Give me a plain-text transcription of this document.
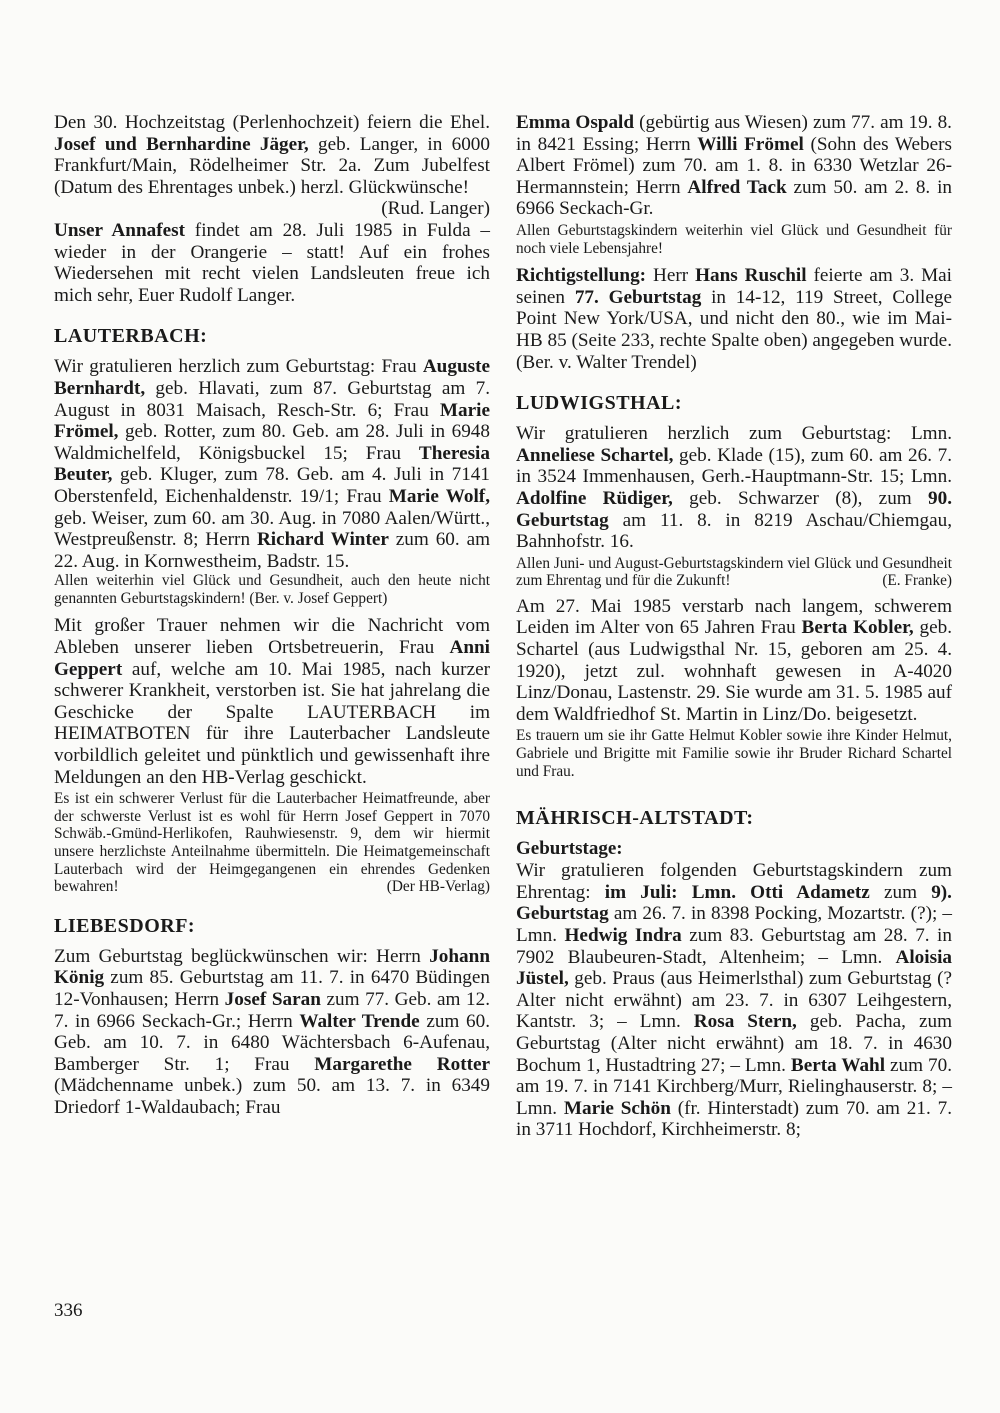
Den 30. Hochzeitstag (Perlenhochzeit) feiern die Ehel. Josef und Bernhardine Jäger, geb. Langer, in 6000 Frankfurt/Main, Rödelheimer Str. 2a. Zum Jubelfest (Datum des Ehrentages unbek.) herzl. Glückwünsche!

(Rud. Langer)

Unser Annafest findet am 28. Juli 1985 in Fulda – wieder in der Orangerie – statt! Auf ein frohes Wiedersehen mit recht vielen Landsleuten freue ich mich sehr, Euer Rudolf Langer.

LAUTERBACH:

Wir gratulieren herzlich zum Geburtstag: Frau Auguste Bernhardt, geb. Hlavati, zum 87. Geburtstag am 7. August in 8031 Maisach, Resch-Str. 6; Frau Marie Frömel, geb. Rotter, zum 80. Geb. am 28. Juli in 6948 Waldmichelfeld, Königsbuckel 15; Frau Theresia Beuter, geb. Kluger, zum 78. Geb. am 4. Juli in 7141 Oberstenfeld, Eichenhaldenstr. 19/1; Frau Marie Wolf, geb. Weiser, zum 60. am 30. Aug. in 7080 Aalen/Württ., Westpreußenstr. 8; Herrn Richard Winter zum 60. am 22. Aug. in Kornwestheim, Badstr. 15.

Allen weiterhin viel Glück und Gesundheit, auch den heute nicht genannten Geburtstagskindern! (Ber. v. Josef Geppert)

Mit großer Trauer nehmen wir die Nachricht vom Ableben unserer lieben Ortsbetreuerin, Frau Anni Geppert auf, welche am 10. Mai 1985, nach kurzer schwerer Krankheit, verstorben ist. Sie hat jahrelang die Geschicke der Spalte LAUTERBACH im HEIMATBOTEN für ihre Lauterbacher Landsleute vorbildlich geleitet und pünktlich und gewissenhaft ihre Meldungen an den HB-Verlag geschickt.

Es ist ein schwerer Verlust für die Lauterbacher Heimatfreunde, aber der schwerste Verlust ist es wohl für Herrn Josef Geppert in 7070 Schwäb.-Gmünd-Herlikofen, Rauhwiesenstr. 9, dem wir hiermit unsere herzlichste Anteilnahme übermitteln. Die Heimatgemeinschaft Lauterbach wird der Heimgegangenen ein ehrendes Gedenken bewahren!	(Der HB-Verlag)

LIEBESDORF:

Zum Geburtstag beglückwünschen wir: Herrn Johann König zum 85. Geburtstag am 11. 7. in 6470 Büdingen 12-Vonhausen; Herrn Josef Saran zum 77. Geb. am 12. 7. in 6966 Seckach-Gr.; Herrn Walter Trende zum 60. Geb. am 10. 7. in 6480 Wächtersbach 6-Aufenau, Bamberger Str. 1; Frau Margarethe Rotter (Mädchenname unbek.) zum 50. am 13. 7. in 6349 Driedorf 1-Waldaubach; Frau

Emma Ospald (gebürtig aus Wiesen) zum 77. am 19. 8. in 8421 Essing; Herrn Willi Frömel (Sohn des Webers Albert Frömel) zum 70. am 1. 8. in 6330 Wetzlar 26-Hermannstein; Herrn Alfred Tack zum 50. am 2. 8. in 6966 Seckach-Gr.

Allen Geburtstagskindern weiterhin viel Glück und Gesundheit für noch viele Lebensjahre!

Richtigstellung: Herr Hans Ruschil feierte am 3. Mai seinen 77. Geburtstag in 14-12, 119 Street, College Point New York/USA, und nicht den 80., wie im Mai-HB 85 (Seite 233, rechte Spalte oben) angegeben wurde. (Ber. v. Walter Trendel)

LUDWIGSTHAL:

Wir gratulieren herzlich zum Geburtstag: Lmn. Anneliese Schartel, geb. Klade (15), zum 60. am 26. 7. in 3524 Immenhausen, Gerh.-Hauptmann-Str. 15; Lmn. Adolfine Rüdiger, geb. Schwarzer (8), zum 90. Geburtstag am 11. 8. in 8219 Aschau/Chiemgau, Bahnhofstr. 16.

Allen Juni- und August-Geburtstagskindern viel Glück und Gesundheit zum Ehrentag und für die Zukunft!	(E. Franke)

Am 27. Mai 1985 verstarb nach langem, schwerem Leiden im Alter von 65 Jahren Frau Berta Kobler, geb. Schartel (aus Ludwigsthal Nr. 15, geboren am 25. 4. 1920), jetzt zul. wohnhaft gewesen in A-4020 Linz/Donau, Lastenstr. 29. Sie wurde am 31. 5. 1985 auf dem Waldfriedhof St. Martin in Linz/Do. beigesetzt.

Es trauern um sie ihr Gatte Helmut Kobler sowie ihre Kinder Helmut, Gabriele und Brigitte mit Familie sowie ihr Bruder Richard Schartel und Frau.

MÄHRISCH-ALTSTADT:

Geburtstage:

Wir gratulieren folgenden Geburtstagskindern zum Ehrentag: im Juli: Lmn. Otti Adametz zum 9). Geburtstag am 26. 7. in 8398 Pocking, Mozartstr. (?); – Lmn. Hedwig Indra zum 83. Geburtstag am 28. 7. in 7902 Blaubeuren-Stadt, Altenheim; – Lmn. Aloisia Jüstel, geb. Praus (aus Heimerlsthal) zum Geburtstag (? Alter nicht erwähnt) am 23. 7. in 6307 Leihgestern, Kantstr. 3; – Lmn. Rosa Stern, geb. Pacha, zum Geburtstag (Alter nicht erwähnt) am 18. 7. in 4630 Bochum 1, Hustadtring 27; – Lmn. Berta Wahl zum 70. am 19. 7. in 7141 Kirchberg/Murr, Rielinghauserstr. 8; – Lmn. Marie Schön (fr. Hinterstadt) zum 70. am 21. 7. in 3711 Hochdorf, Kirchheimerstr. 8;

336
